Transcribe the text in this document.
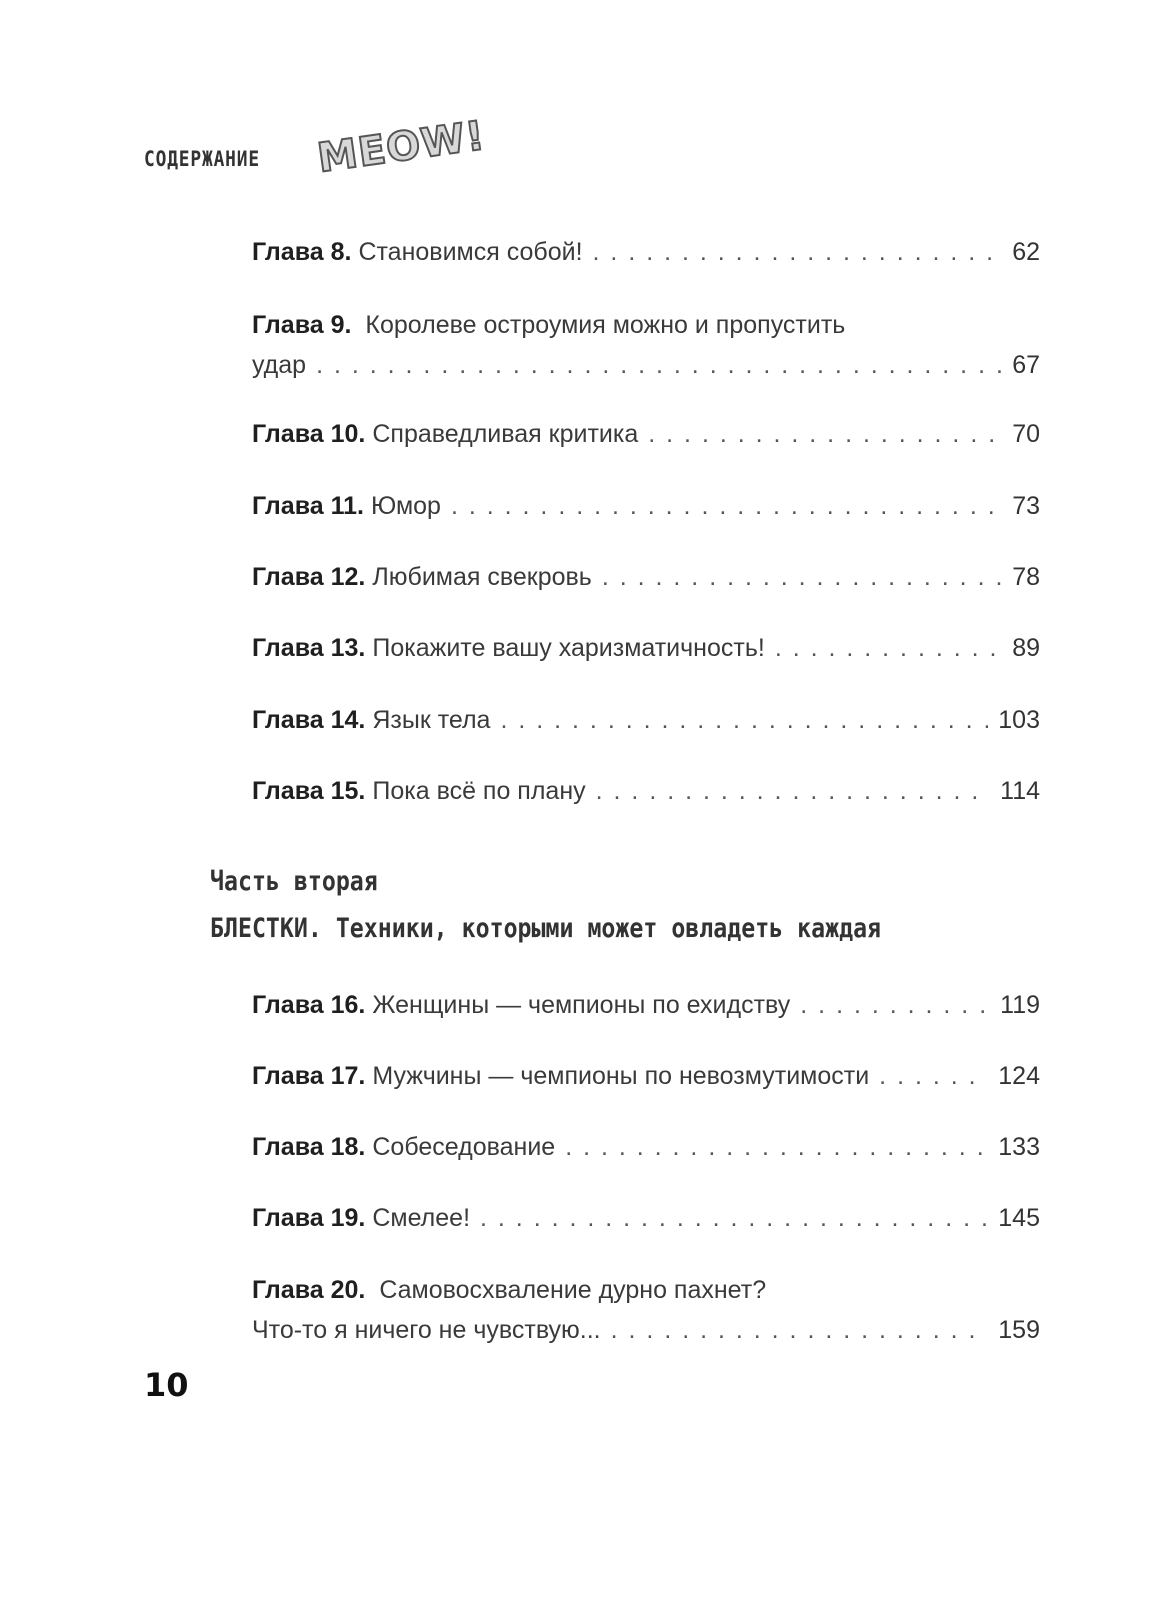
СОДЕРЖАНИЕ MEOW!
Глава 8. Становимся собой! . . .	62
Глава 9. Королеве остроумия можно и пропустить
удар . . .	67
Глава 10. Справедливая критика . . .	70
Глава 11. Юмор . . .	73
Глава 12. Любимая свекровь . . .	78
Глава 13. Покажите вашу харизматичность! . . .	89
Глава 14. Язык тела . . .	103
Глава 15. Пока всё по плану . . .	114
Часть вторая
БЛЕСТКИ. Техники, которыми может овладеть каждая
Глава 16. Женщины — чемпионы по ехидству . . .	119
Глава 17. Мужчины — чемпионы по невозмутимости . . .	124
Глава 18. Собеседование . . .	133
Глава 19. Смелее! . . .	145
Глава 20. Самовосхваление дурно пахнет?
Что-то я ничего не чувствую... . . .	159
10
